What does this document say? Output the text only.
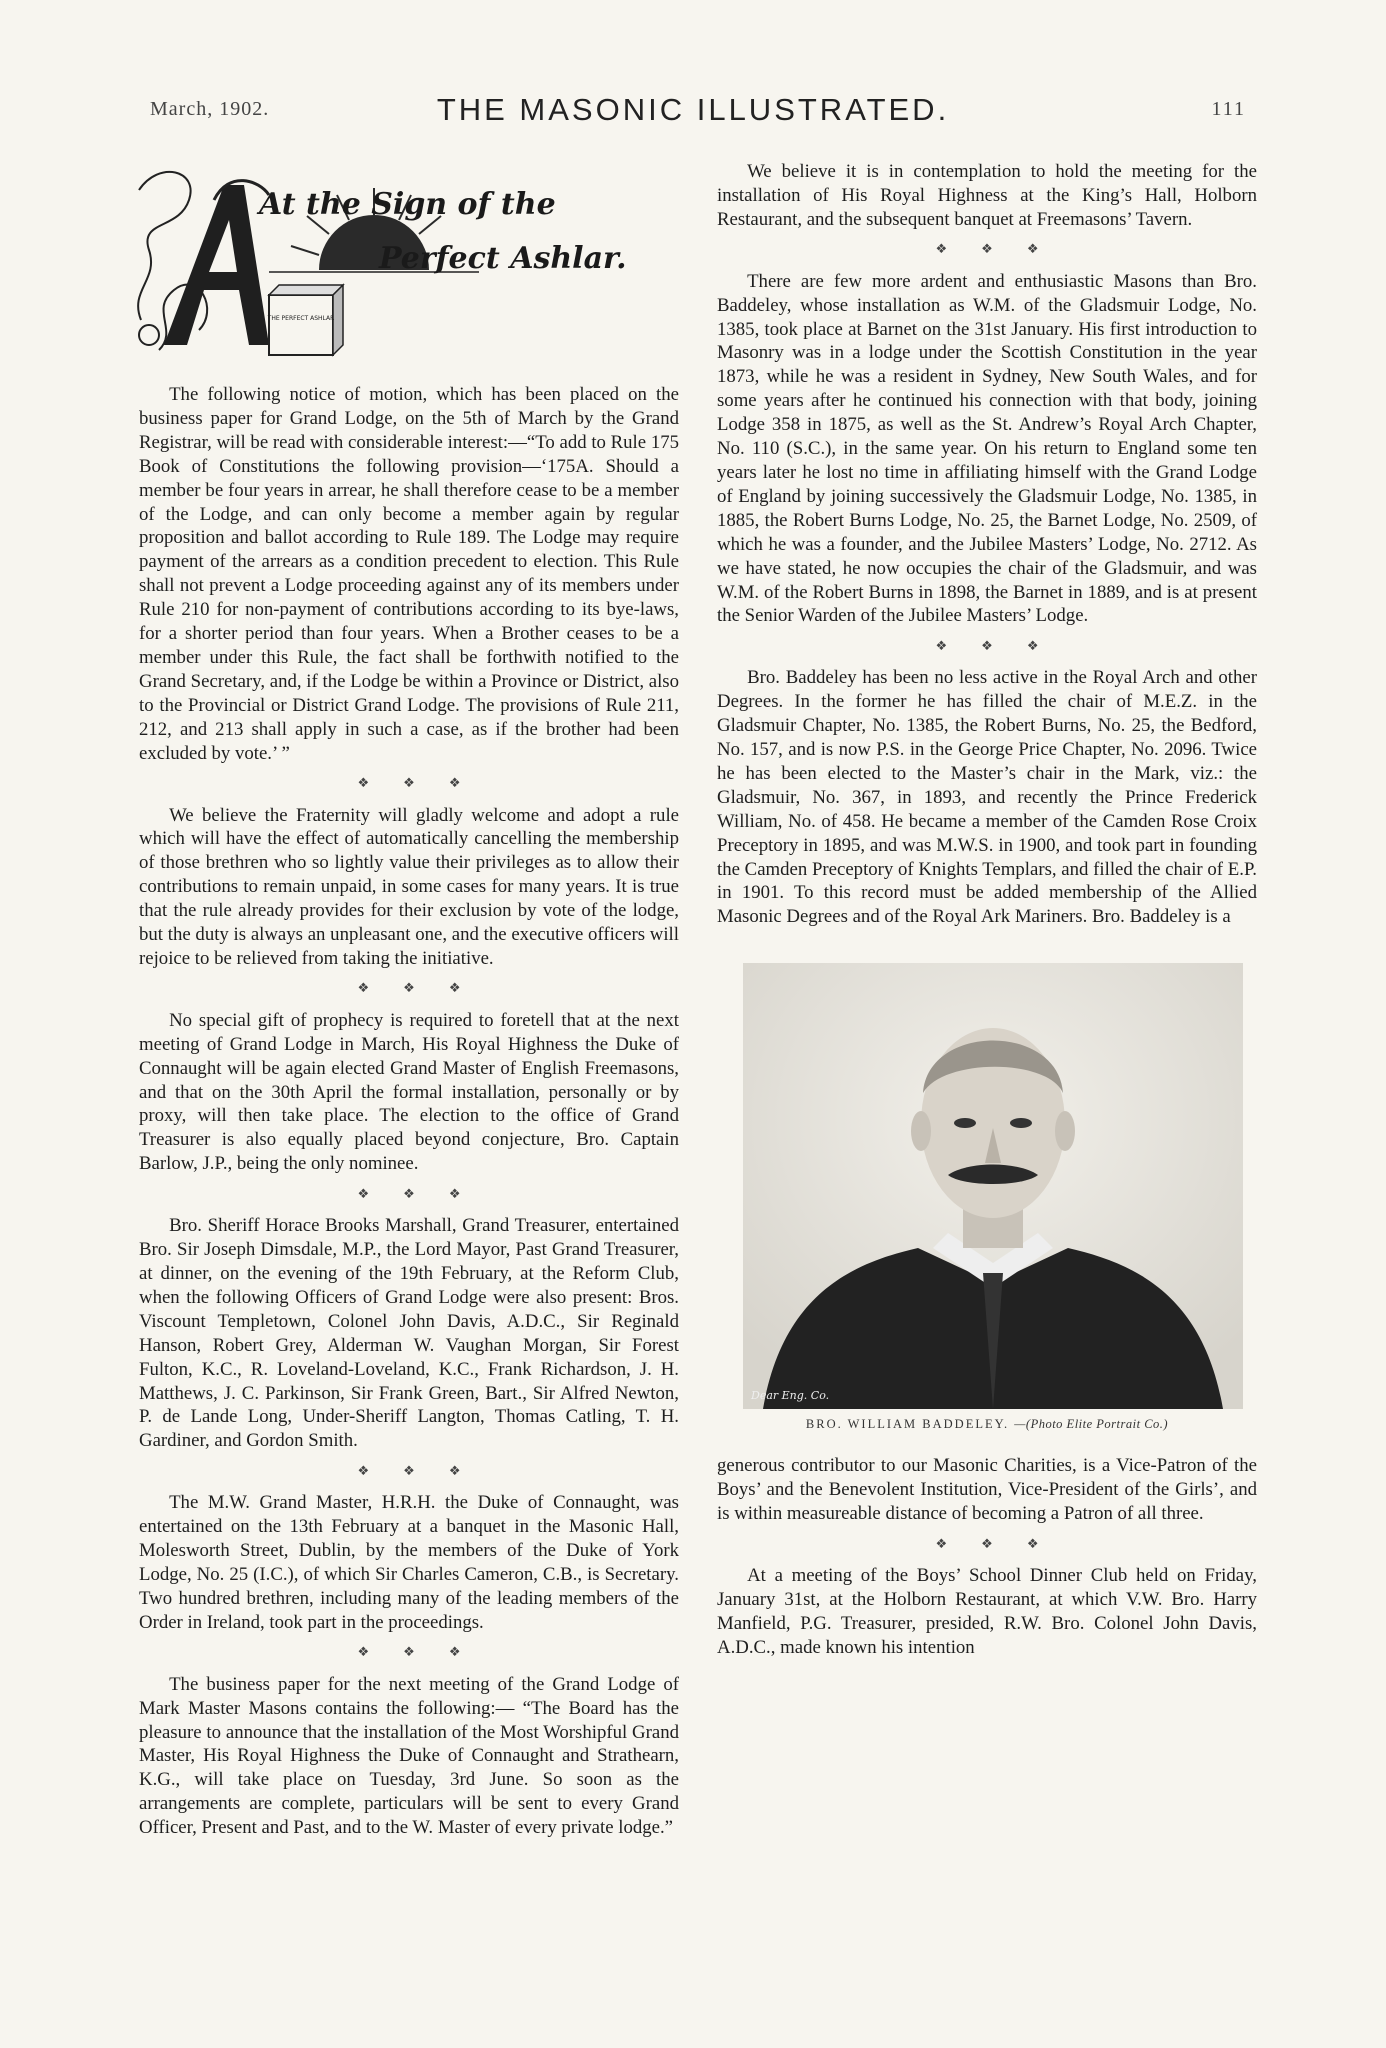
March, 1902.	THE MASONIC ILLUSTRATED.	111
THE PERFECT ASHLAR
At the Sign of the
Perfect Ashlar.

The following notice of motion, which has been placed on the business paper for Grand Lodge, on the 5th of March by the Grand Registrar, will be read with considerable interest:—“To add to Rule 175 Book of Constitutions the following provision—‘175A. Should a member be four years in arrear, he shall therefore cease to be a member of the Lodge, and can only become a member again by regular proposition and ballot according to Rule 189. The Lodge may require payment of the arrears as a condition precedent to election. This Rule shall not prevent a Lodge proceeding against any of its members under Rule 210 for non-payment of contributions according to its bye-laws, for a shorter period than four years. When a Brother ceases to be a member under this Rule, the fact shall be forthwith notified to the Grand Secretary, and, if the Lodge be within a Province or District, also to the Provincial or District Grand Lodge. The provisions of Rule 211, 212, and 213 shall apply in such a case, as if the brother had been excluded by vote.’ ”

❖	❖	❖

We believe the Fraternity will gladly welcome and adopt a rule which will have the effect of automatically cancelling the membership of those brethren who so lightly value their privileges as to allow their contributions to remain unpaid, in some cases for many years. It is true that the rule already provides for their exclusion by vote of the lodge, but the duty is always an unpleasant one, and the executive officers will rejoice to be relieved from taking the initiative.

❖	❖	❖

No special gift of prophecy is required to foretell that at the next meeting of Grand Lodge in March, His Royal Highness the Duke of Connaught will be again elected Grand Master of English Freemasons, and that on the 30th April the formal installation, personally or by proxy, will then take place. The election to the office of Grand Treasurer is also equally placed beyond conjecture, Bro. Captain Barlow, J.P., being the only nominee.

❖	❖	❖

Bro. Sheriff Horace Brooks Marshall, Grand Treasurer, entertained Bro. Sir Joseph Dimsdale, M.P., the Lord Mayor, Past Grand Treasurer, at dinner, on the evening of the 19th February, at the Reform Club, when the following Officers of Grand Lodge were also present: Bros. Viscount Templetown, Colonel John Davis, A.D.C., Sir Reginald Hanson, Robert Grey, Alderman W. Vaughan Morgan, Sir Forest Fulton, K.C., R. Loveland-Loveland, K.C., Frank Richardson, J. H. Matthews, J. C. Parkinson, Sir Frank Green, Bart., Sir Alfred Newton, P. de Lande Long, Under-Sheriff Langton, Thomas Catling, T. H. Gardiner, and Gordon Smith.

❖	❖	❖

The M.W. Grand Master, H.R.H. the Duke of Connaught, was entertained on the 13th February at a banquet in the Masonic Hall, Molesworth Street, Dublin, by the members of the Duke of York Lodge, No. 25 (I.C.), of which Sir Charles Cameron, C.B., is Secretary. Two hundred brethren, including many of the leading members of the Order in Ireland, took part in the proceedings.

❖	❖	❖

The business paper for the next meeting of the Grand Lodge of Mark Master Masons contains the following:— “The Board has the pleasure to announce that the installation of the Most Worshipful Grand Master, His Royal Highness the Duke of Connaught and Strathearn, K.G., will take place on Tuesday, 3rd June. So soon as the arrangements are complete, particulars will be sent to every Grand Officer, Present and Past, and to the W. Master of every private lodge.”

We believe it is in contemplation to hold the meeting for the installation of His Royal Highness at the King’s Hall, Holborn Restaurant, and the subsequent banquet at Freemasons’ Tavern.

❖	❖	❖

There are few more ardent and enthusiastic Masons than Bro. Baddeley, whose installation as W.M. of the Gladsmuir Lodge, No. 1385, took place at Barnet on the 31st January. His first introduction to Masonry was in a lodge under the Scottish Constitution in the year 1873, while he was a resident in Sydney, New South Wales, and for some years after he continued his connection with that body, joining Lodge 358 in 1875, as well as the St. Andrew’s Royal Arch Chapter, No. 110 (S.C.), in the same year. On his return to England some ten years later he lost no time in affiliating himself with the Grand Lodge of England by joining successively the Gladsmuir Lodge, No. 1385, in 1885, the Robert Burns Lodge, No. 25, the Barnet Lodge, No. 2509, of which he was a founder, and the Jubilee Masters’ Lodge, No. 2712. As we have stated, he now occupies the chair of the Gladsmuir, and was W.M. of the Robert Burns in 1898, the Barnet in 1889, and is at present the Senior Warden of the Jubilee Masters’ Lodge.

❖	❖	❖

Bro. Baddeley has been no less active in the Royal Arch and other Degrees. In the former he has filled the chair of M.E.Z. in the Gladsmuir Chapter, No. 1385, the Robert Burns, No. 25, the Bedford, No. 157, and is now P.S. in the George Price Chapter, No. 2096. Twice he has been elected to the Master’s chair in the Mark, viz.: the Gladsmuir, No. 367, in 1893, and recently the Prince Frederick William, No. of 458. He became a member of the Camden Rose Croix Preceptory in 1895, and was M.W.S. in 1900, and took part in founding the Camden Preceptory of Knights Templars, and filled the chair of E.P. in 1901. To this record must be added membership of the Allied Masonic Degrees and of the Royal Ark Mariners. Bro. Baddeley is a

Dear Eng. Co.
BRO. WILLIAM BADDELEY. —(Photo Elite Portrait Co.)

generous contributor to our Masonic Charities, is a Vice-Patron of the Boys’ and the Benevolent Institution, Vice-President of the Girls’, and is within measureable distance of becoming a Patron of all three.

❖	❖	❖

At a meeting of the Boys’ School Dinner Club held on Friday, January 31st, at the Holborn Restaurant, at which V.W. Bro. Harry Manfield, P.G. Treasurer, presided, R.W. Bro. Colonel John Davis, A.D.C., made known his intention
